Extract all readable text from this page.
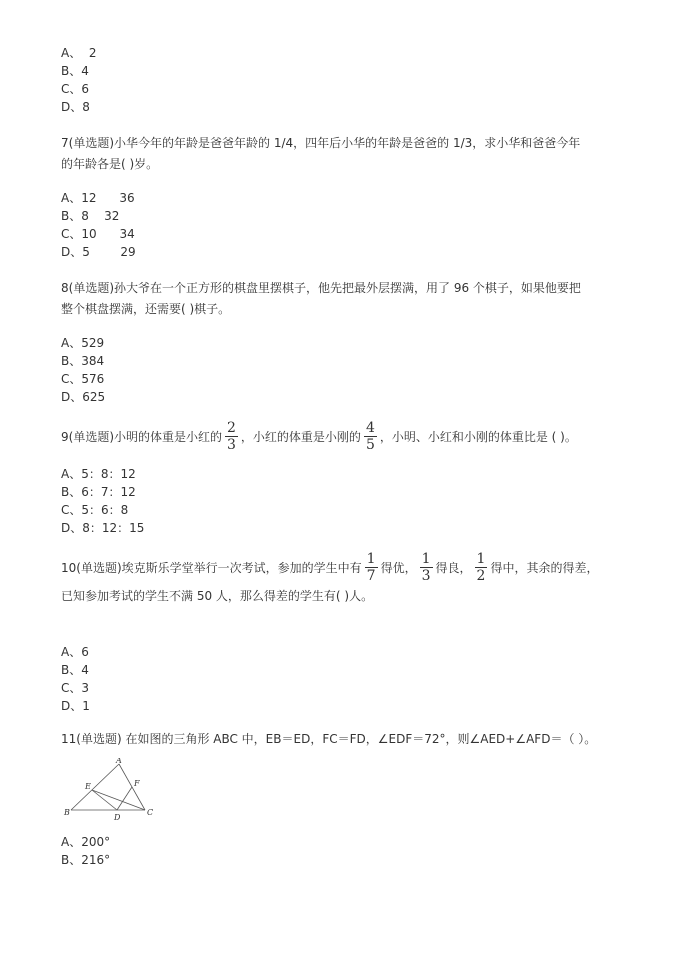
A、  2
B、4
C、6
D、8

7(单选题)小华今年的年龄是爸爸年龄的 1/4，四年后小华的年龄是爸爸的 1/3，求小华和爸爸今年

的年龄各是( )岁。

A、12      36
B、8    32
C、10      34
D、5        29

8(单选题)孙大爷在一个正方形的棋盘里摆棋子，他先把最外层摆满，用了 96 个棋子，如果他要把

整个棋盘摆满，还需要( )棋子。

A、529
B、384
C、576
D、625
9(单选题)小明的体重是小红的 $\frac{2}{3}$ ，小红的体重是小刚的 $\frac{4}{5}$ ，小明、小红和小刚的体重比是 ( )。
A、5：8：12
B、6：7：12
C、5：6：8
D、8：12：15
10(单选题)埃克斯乐学堂举行一次考试，参加的学生中有 $\frac{1}{7}$ 得优， $\frac{1}{3}$ 得良， $\frac{1}{2}$ 得中，其余的得差，

已知参加考试的学生不满 50 人，那么得差的学生有( )人。

A、6
B、4
C、3
D、1

11(单选题) 在如图的三角形 ABC 中，EB＝ED，FC＝FD，∠EDF＝72°，则∠AED+∠AFD＝（ ）。

A
B	C
D
E	F
A、200°
B、216°
